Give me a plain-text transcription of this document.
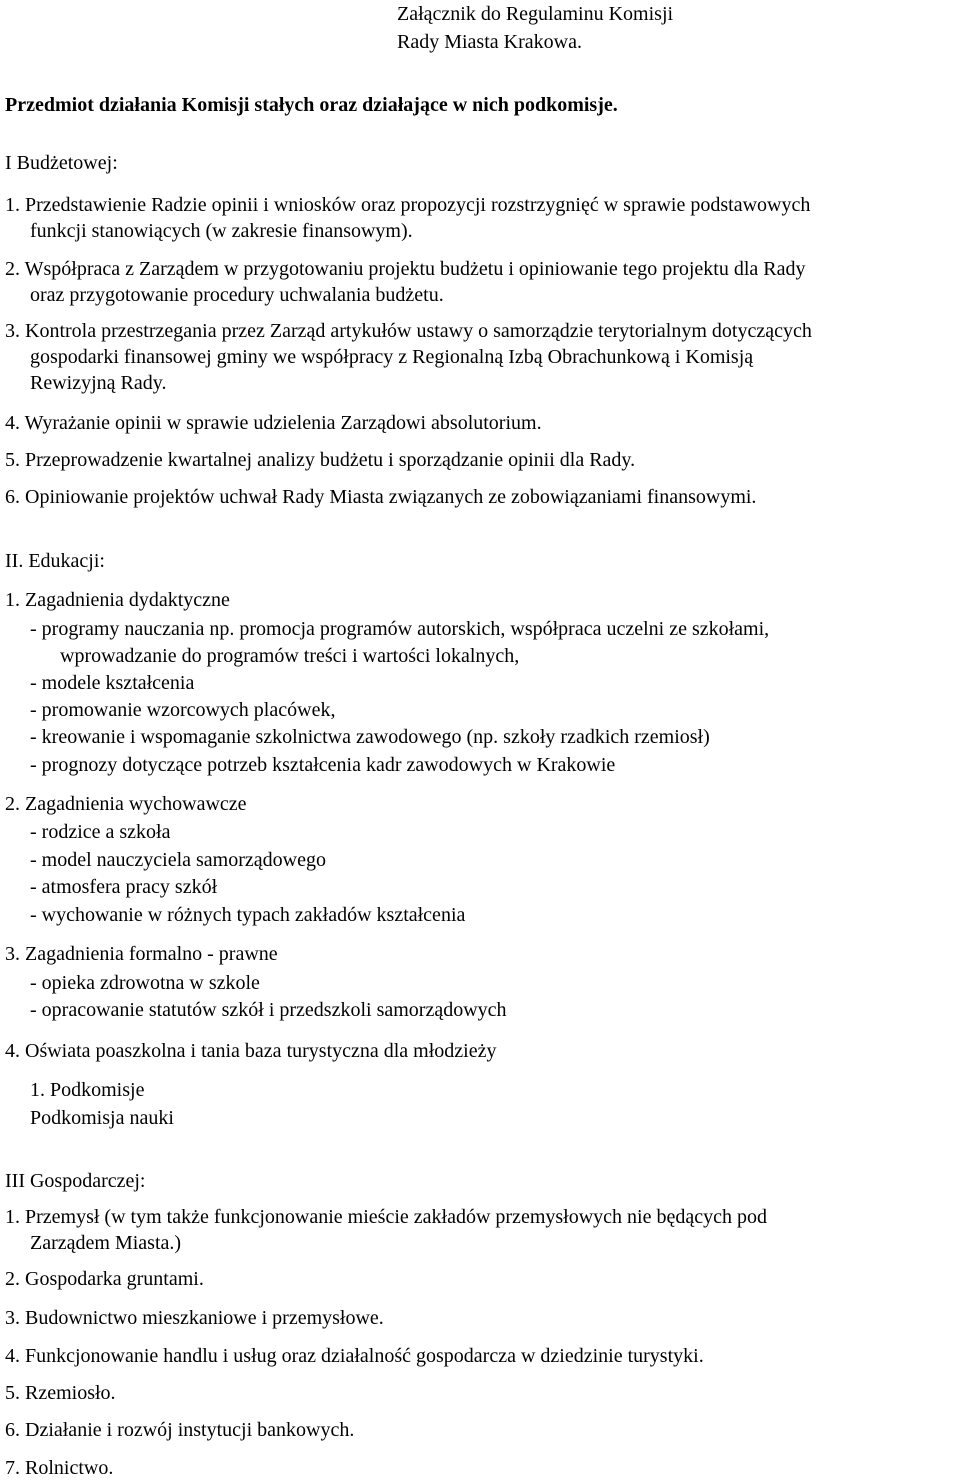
Załącznik do Regulaminu Komisji
Rady Miasta Krakowa.
Przedmiot działania Komisji stałych oraz działające w nich podkomisje.
I Budżetowej:
1. Przedstawienie Radzie opinii i wniosków oraz propozycji rozstrzygnięć w sprawie podstawowych
funkcji stanowiących (w zakresie finansowym).
2. Współpraca z Zarządem w przygotowaniu projektu budżetu i opiniowanie tego projektu dla Rady
oraz przygotowanie procedury uchwalania budżetu.
3. Kontrola przestrzegania przez Zarząd artykułów ustawy o samorządzie terytorialnym dotyczących
gospodarki finansowej gminy we współpracy z Regionalną Izbą Obrachunkową i Komisją
Rewizyjną Rady.
4. Wyrażanie opinii w sprawie udzielenia Zarządowi absolutorium.
5. Przeprowadzenie kwartalnej analizy budżetu i sporządzanie opinii dla Rady.
6. Opiniowanie projektów uchwał Rady Miasta związanych ze zobowiązaniami finansowymi.
II. Edukacji:
1. Zagadnienia dydaktyczne
- programy nauczania np. promocja programów autorskich, współpraca uczelni ze szkołami,
wprowadzanie do programów treści i wartości lokalnych,
- modele kształcenia
- promowanie wzorcowych placówek,
- kreowanie i wspomaganie szkolnictwa zawodowego (np. szkoły rzadkich rzemiosł)
- prognozy dotyczące potrzeb kształcenia kadr zawodowych w Krakowie
2. Zagadnienia wychowawcze
- rodzice a szkoła
- model nauczyciela samorządowego
- atmosfera pracy szkół
- wychowanie w różnych typach zakładów kształcenia
3. Zagadnienia formalno - prawne
- opieka zdrowotna w szkole
- opracowanie statutów szkół i przedszkoli samorządowych
4. Oświata poaszkolna i tania baza turystyczna dla młodzieży
1. Podkomisje
Podkomisja nauki
III Gospodarczej:
1. Przemysł (w tym także funkcjonowanie mieście zakładów przemysłowych nie będących pod
Zarządem Miasta.)
2. Gospodarka gruntami.
3. Budownictwo mieszkaniowe i przemysłowe.
4. Funkcjonowanie handlu i usług oraz działalność gospodarcza w dziedzinie turystyki.
5. Rzemiosło.
6. Działanie i rozwój instytucji bankowych.
7. Rolnictwo.
